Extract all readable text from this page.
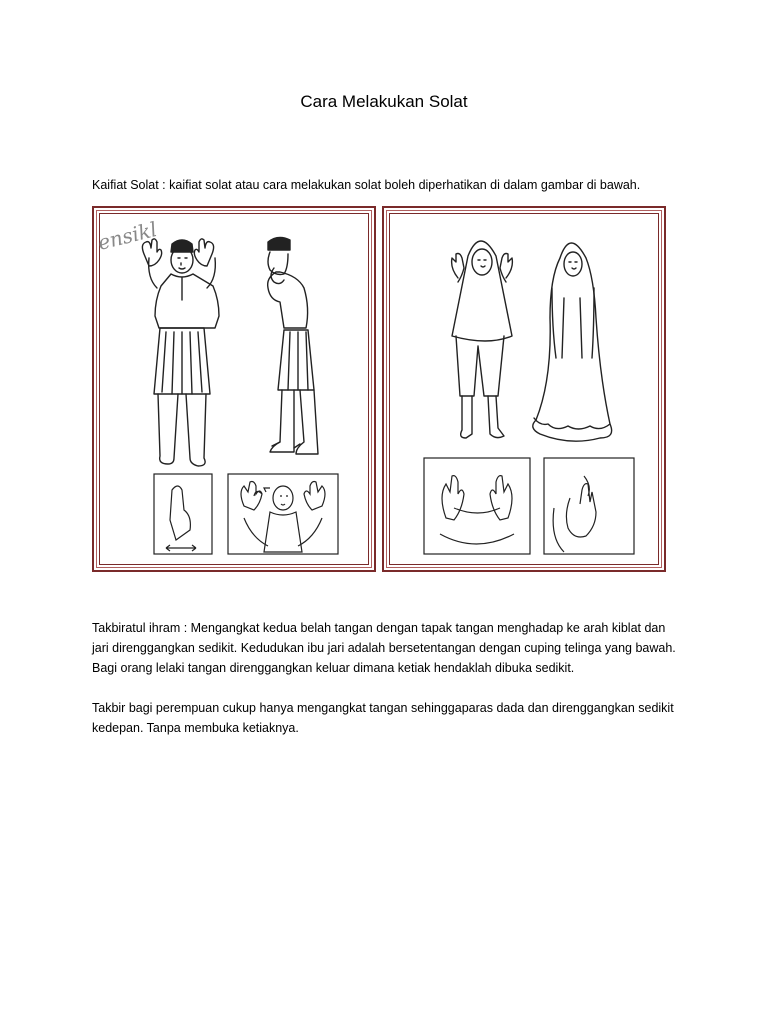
Cara Melakukan Solat
Kaifiat Solat : kaifiat solat atau cara melakukan solat boleh diperhatikan di dalam gambar di bawah.
ensikl
Takbiratul ihram : Mengangkat kedua belah tangan dengan tapak tangan menghadap ke arah kiblat dan jari direnggangkan sedikit. Kedudukan ibu jari adalah bersetentangan dengan cuping telinga yang bawah. Bagi orang lelaki tangan direnggangkan keluar dimana ketiak hendaklah dibuka sedikit.
Takbir bagi perempuan cukup hanya mengangkat tangan sehinggaparas dada dan direnggangkan sedikit kedepan. Tanpa membuka ketiaknya.
